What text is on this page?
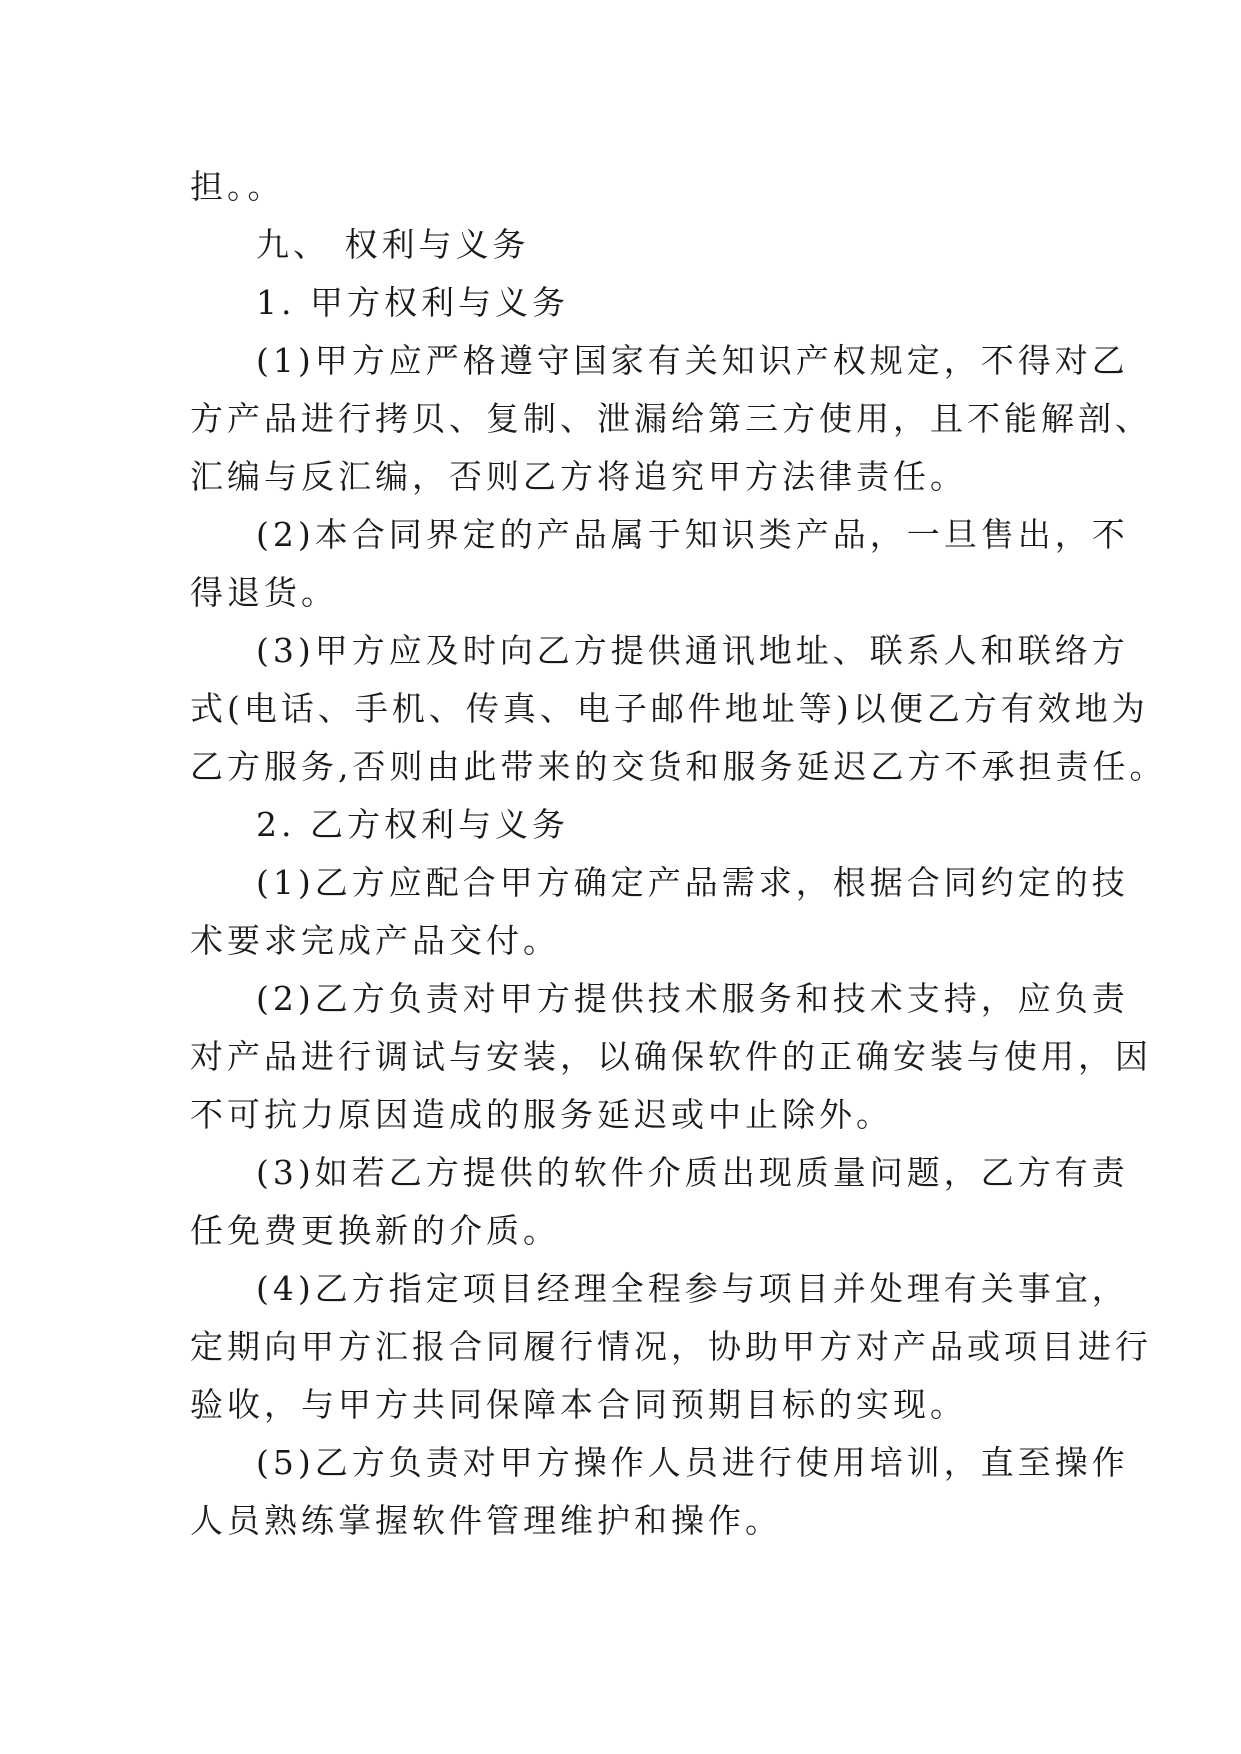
担。。
九、 权利与义务
1. 甲方权利与义务
(1)甲方应严格遵守国家有关知识产权规定，不得对乙
方产品进行拷贝、复制、泄漏给第三方使用，且不能解剖、
汇编与反汇编，否则乙方将追究甲方法律责任。
(2)本合同界定的产品属于知识类产品，一旦售出，不
得退货。
(3)甲方应及时向乙方提供通讯地址、联系人和联络方
式(电话、手机、传真、电子邮件地址等)以便乙方有效地为
乙方服务,否则由此带来的交货和服务延迟乙方不承担责任。
2. 乙方权利与义务
(1)乙方应配合甲方确定产品需求，根据合同约定的技
术要求完成产品交付。
(2)乙方负责对甲方提供技术服务和技术支持，应负责
对产品进行调试与安装，以确保软件的正确安装与使用，因
不可抗力原因造成的服务延迟或中止除外。
(3)如若乙方提供的软件介质出现质量问题，乙方有责
任免费更换新的介质。
(4)乙方指定项目经理全程参与项目并处理有关事宜，
定期向甲方汇报合同履行情况，协助甲方对产品或项目进行
验收，与甲方共同保障本合同预期目标的实现。
(5)乙方负责对甲方操作人员进行使用培训，直至操作
人员熟练掌握软件管理维护和操作。
